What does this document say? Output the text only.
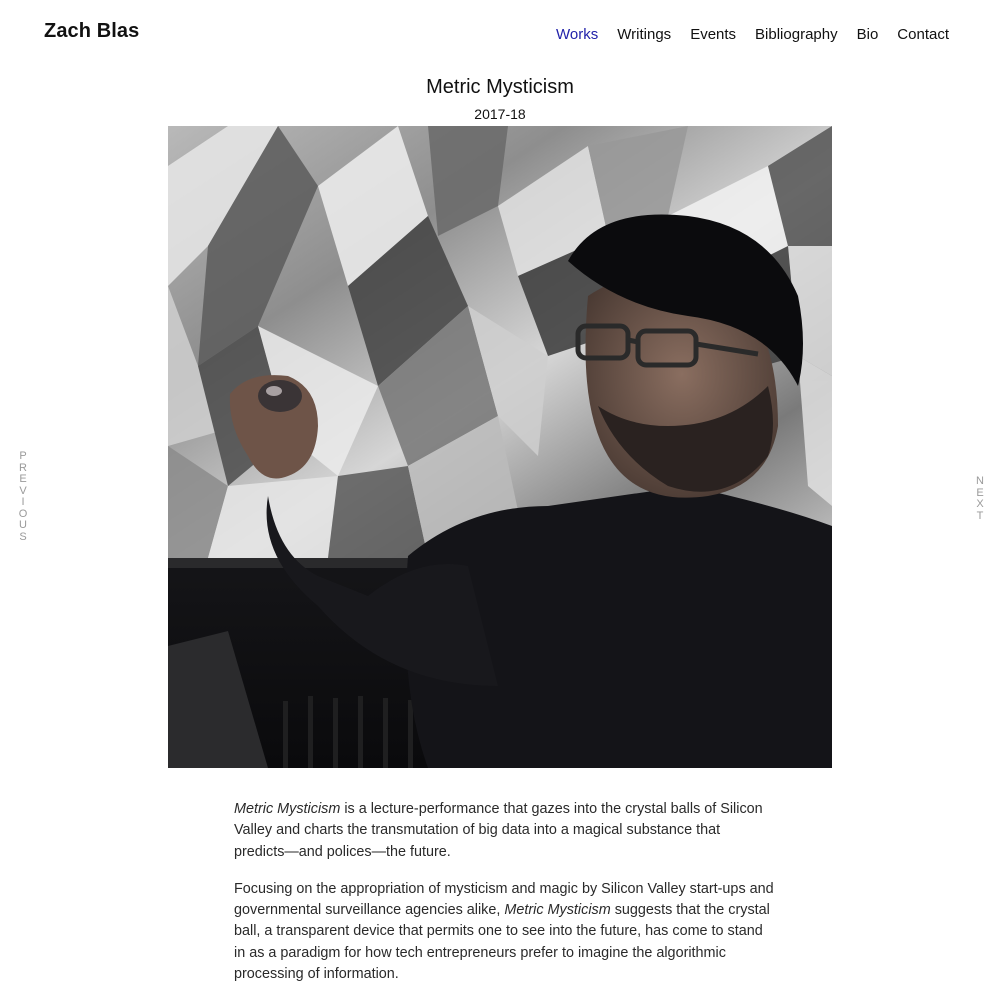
Zach Blas	Works Writings Events Bibliography Bio Contact
Metric Mysticism
2017-18
P
R
E
V
I
O
U
S
N
E
X
T

Metric Mysticism is a lecture-performance that gazes into the crystal balls of Silicon Valley and charts the transmutation of big data into a magical substance that predicts—and polices—the future.

Focusing on the appropriation of mysticism and magic by Silicon Valley start-ups and governmental surveillance agencies alike, Metric Mysticism suggests that the crystal ball, a transparent device that permits one to see into the future, has come to stand in as a paradigm for how tech entrepreneurs prefer to imagine the algorithmic processing of information.
